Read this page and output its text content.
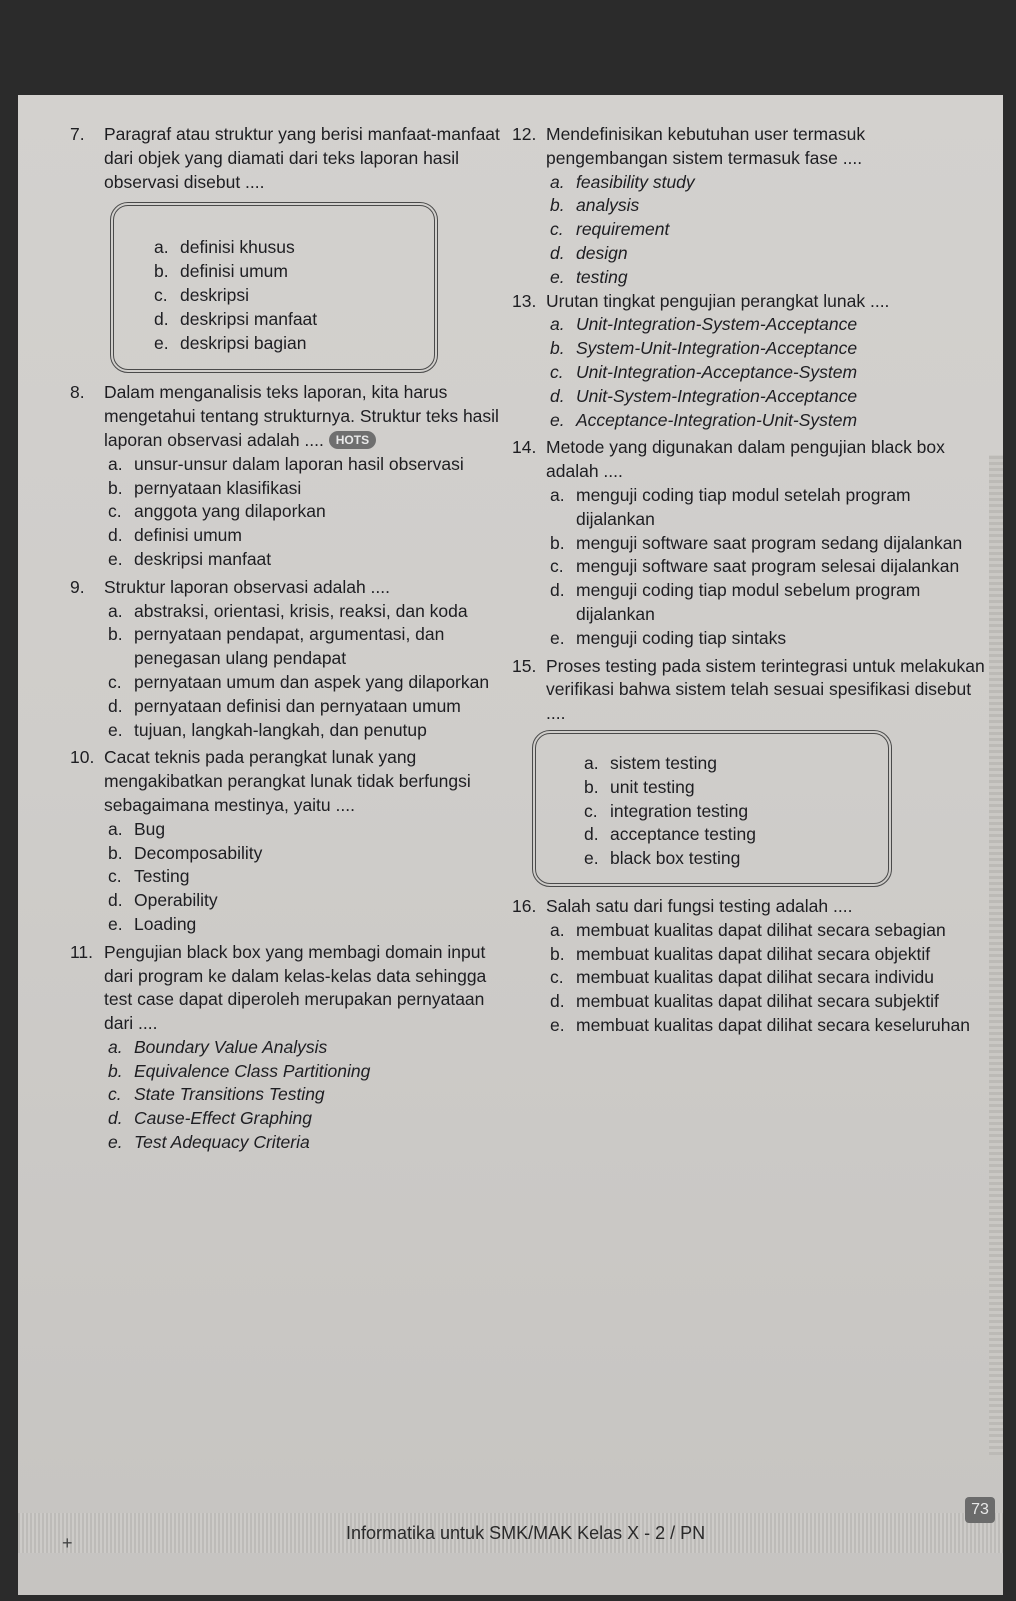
7.	Paragraf atau struktur yang berisi manfaat-manfaat dari objek yang diamati dari teks laporan hasil observasi disebut ....
a. definisi khusus
b. definisi umum
c. deskripsi
d. deskripsi manfaat
e. deskripsi bagian
8.	Dalam menganalisis teks laporan, kita harus mengetahui tentang strukturnya. Struktur teks hasil laporan observasi adalah .... HOTS
a. unsur-unsur dalam laporan hasil observasi
b. pernyataan klasifikasi
c. anggota yang dilaporkan
d. definisi umum
e. deskripsi manfaat
9.	Struktur laporan observasi adalah ....
a. abstraksi, orientasi, krisis, reaksi, dan koda
b. pernyataan pendapat, argumentasi, dan penegasan ulang pendapat
c. pernyataan umum dan aspek yang dilaporkan
d. pernyataan definisi dan pernyataan umum
e. tujuan, langkah-langkah, dan penutup
10. Cacat teknis pada perangkat lunak yang mengakibatkan perangkat lunak tidak berfungsi sebagaimana mestinya, yaitu ....
a. Bug
b. Decomposability
c. Testing
d. Operability
e. Loading
11. Pengujian black box yang membagi domain input dari program ke dalam kelas-kelas data sehingga test case dapat diperoleh merupakan pernyataan dari ....
a. Boundary Value Analysis
b. Equivalence Class Partitioning
c. State Transitions Testing
d. Cause-Effect Graphing
e. Test Adequacy Criteria
12. Mendefinisikan kebutuhan user termasuk pengembangan sistem termasuk fase ....
a. feasibility study
b. analysis
c. requirement
d. design
e. testing
13. Urutan tingkat pengujian perangkat lunak ....
a. Unit-Integration-System-Acceptance
b. System-Unit-Integration-Acceptance
c. Unit-Integration-Acceptance-System
d. Unit-System-Integration-Acceptance
e. Acceptance-Integration-Unit-System
14. Metode yang digunakan dalam pengujian black box adalah ....
a. menguji coding tiap modul setelah program dijalankan
b. menguji software saat program sedang dijalankan
c. menguji software saat program selesai dijalankan
d. menguji coding tiap modul sebelum program dijalankan
e. menguji coding tiap sintaks
15. Proses testing pada sistem terintegrasi untuk melakukan verifikasi bahwa sistem telah sesuai spesifikasi disebut ....
a. sistem testing
b. unit testing
c. integration testing
d. acceptance testing
e. black box testing
16. Salah satu dari fungsi testing adalah ....
a. membuat kualitas dapat dilihat secara sebagian
b. membuat kualitas dapat dilihat secara objektif
c. membuat kualitas dapat dilihat secara individu
d. membuat kualitas dapat dilihat secara subjektif
e. membuat kualitas dapat dilihat secara keseluruhan
Informatika untuk SMK/MAK Kelas X - 2 / PN
73
+
